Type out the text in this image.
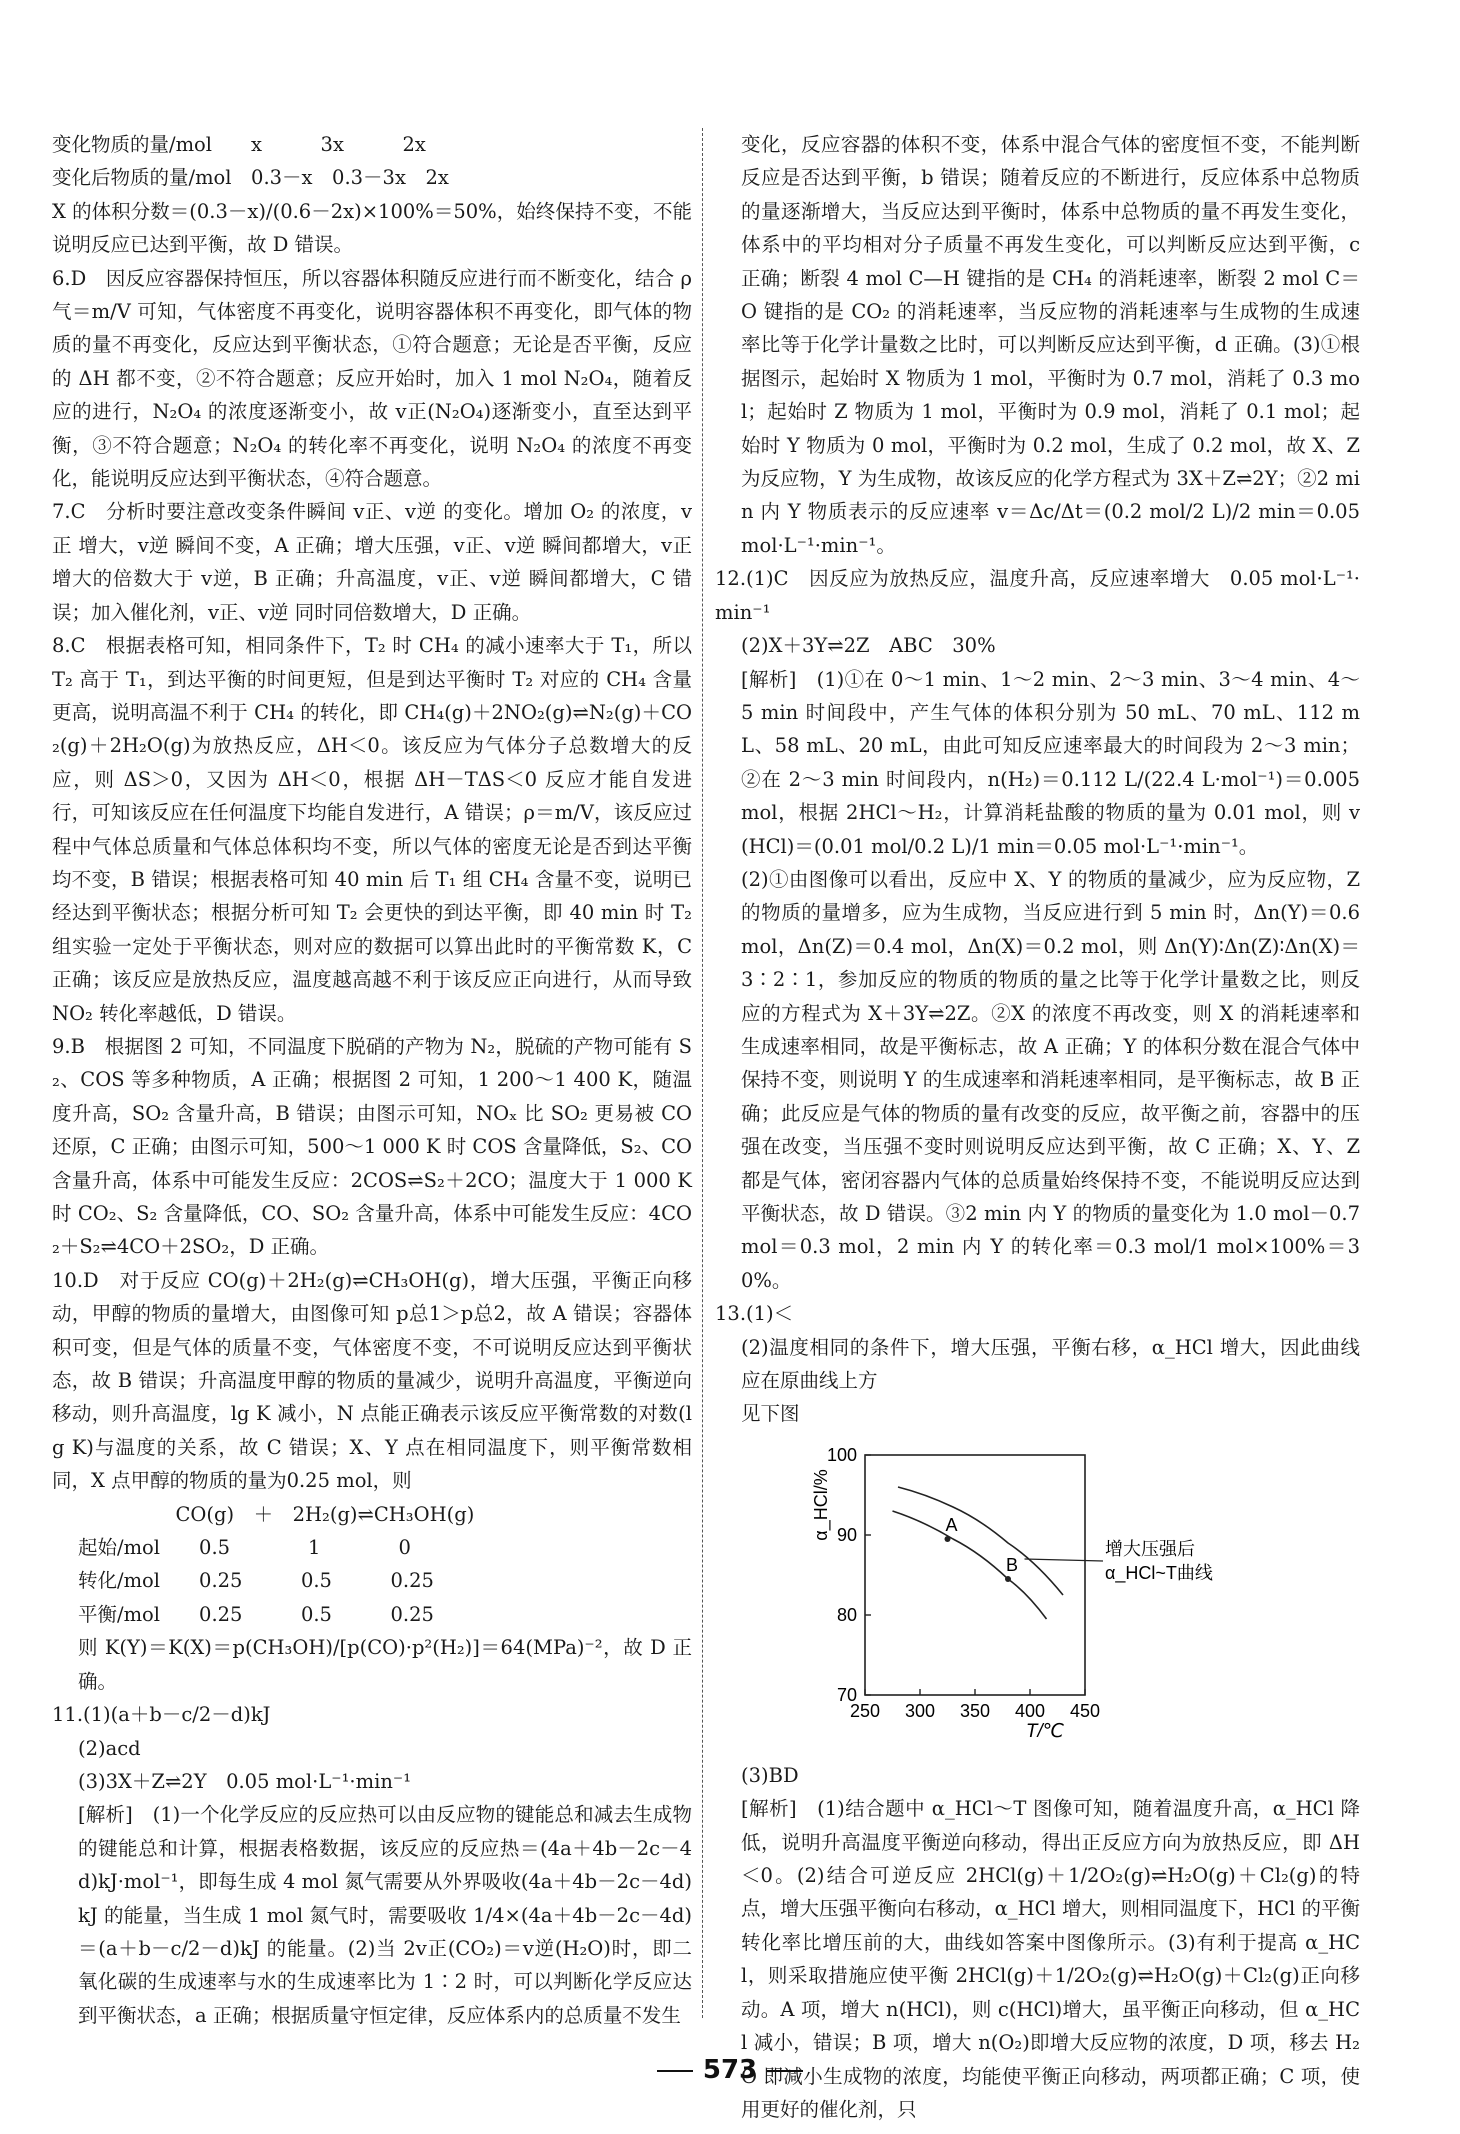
变化物质的量/mol　　x　　　3x　　　2x

变化后物质的量/mol　0.3－x　0.3－3x　2x

X 的体积分数＝(0.3－x)/(0.6－2x)×100%＝50%，始终保持不变，不能说明反应已达到平衡，故 D 错误。

6.D　因反应容器保持恒压，所以容器体积随反应进行而不断变化，结合 ρ气＝m/V 可知，气体密度不再变化，说明容器体积不再变化，即气体的物质的量不再变化，反应达到平衡状态，①符合题意；无论是否平衡，反应的 ΔH 都不变，②不符合题意；反应开始时，加入 1 mol N₂O₄，随着反应的进行，N₂O₄ 的浓度逐渐变小，故 v正(N₂O₄)逐渐变小，直至达到平衡，③不符合题意；N₂O₄ 的转化率不再变化，说明 N₂O₄ 的浓度不再变化，能说明反应达到平衡状态，④符合题意。

7.C　分析时要注意改变条件瞬间 v正、v逆 的变化。增加 O₂ 的浓度，v正 增大，v逆 瞬间不变，A 正确；增大压强，v正、v逆 瞬间都增大，v正 增大的倍数大于 v逆，B 正确；升高温度，v正、v逆 瞬间都增大，C 错误；加入催化剂，v正、v逆 同时同倍数增大，D 正确。

8.C　根据表格可知，相同条件下，T₂ 时 CH₄ 的减小速率大于 T₁，所以 T₂ 高于 T₁，到达平衡的时间更短，但是到达平衡时 T₂ 对应的 CH₄ 含量更高，说明高温不利于 CH₄ 的转化，即 CH₄(g)＋2NO₂(g)⇌N₂(g)＋CO₂(g)＋2H₂O(g)为放热反应，ΔH＜0。该反应为气体分子总数增大的反应，则 ΔS＞0，又因为 ΔH＜0，根据 ΔH－TΔS＜0 反应才能自发进行，可知该反应在任何温度下均能自发进行，A 错误；ρ＝m/V，该反应过程中气体总质量和气体总体积均不变，所以气体的密度无论是否到达平衡均不变，B 错误；根据表格可知 40 min 后 T₁ 组 CH₄ 含量不变，说明已经达到平衡状态；根据分析可知 T₂ 会更快的到达平衡，即 40 min 时 T₂ 组实验一定处于平衡状态，则对应的数据可以算出此时的平衡常数 K，C 正确；该反应是放热反应，温度越高越不利于该反应正向进行，从而导致 NO₂ 转化率越低，D 错误。

9.B　根据图 2 可知，不同温度下脱硝的产物为 N₂，脱硫的产物可能有 S₂、COS 等多种物质，A 正确；根据图 2 可知，1 200～1 400 K，随温度升高，SO₂ 含量升高，B 错误；由图示可知，NOₓ 比 SO₂ 更易被 CO 还原，C 正确；由图示可知，500～1 000 K 时 COS 含量降低，S₂、CO 含量升高，体系中可能发生反应：2COS⇌S₂＋2CO；温度大于 1 000 K 时 CO₂、S₂ 含量降低，CO、SO₂ 含量升高，体系中可能发生反应：4CO₂＋S₂⇌4CO＋2SO₂，D 正确。

10.D　对于反应 CO(g)＋2H₂(g)⇌CH₃OH(g)，增大压强，平衡正向移动，甲醇的物质的量增大，由图像可知 p总1＞p总2，故 A 错误；容器体积可变，但是气体的质量不变，气体密度不变，不可说明反应达到平衡状态，故 B 错误；升高温度甲醇的物质的量减少，说明升高温度，平衡逆向移动，则升高温度，lg K 减小，N 点能正确表示该反应平衡常数的对数(lg K)与温度的关系，故 C 错误；X、Y 点在相同温度下，则平衡常数相同，X 点甲醇的物质的量为0.25 mol，则

　　　　　CO(g)　＋　2H₂(g)⇌CH₃OH(g)

起始/mol　　0.5　　　　1　　　　0

转化/mol　　0.25　　　0.5　　　0.25

平衡/mol　　0.25　　　0.5　　　0.25

则 K(Y)＝K(X)＝p(CH₃OH)/[p(CO)·p²(H₂)]＝64(MPa)⁻²，故 D 正确。

11.(1)(a＋b－c/2－d)kJ

(2)acd

(3)3X＋Z⇌2Y　0.05 mol·L⁻¹·min⁻¹

[解析]　(1)一个化学反应的反应热可以由反应物的键能总和减去生成物的键能总和计算，根据表格数据，该反应的反应热＝(4a＋4b－2c－4d)kJ·mol⁻¹，即每生成 4 mol 氮气需要从外界吸收(4a＋4b－2c－4d)kJ 的能量，当生成 1 mol 氮气时，需要吸收 1/4×(4a＋4b－2c－4d)＝(a＋b－c/2－d)kJ 的能量。(2)当 2v正(CO₂)＝v逆(H₂O)时，即二氧化碳的生成速率与水的生成速率比为 1∶2 时，可以判断化学反应达到平衡状态，a 正确；根据质量守恒定律，反应体系内的总质量不发生

变化，反应容器的体积不变，体系中混合气体的密度恒不变，不能判断反应是否达到平衡，b 错误；随着反应的不断进行，反应体系中总物质的量逐渐增大，当反应达到平衡时，体系中总物质的量不再发生变化，体系中的平均相对分子质量不再发生变化，可以判断反应达到平衡，c 正确；断裂 4 mol C—H 键指的是 CH₄ 的消耗速率，断裂 2 mol C＝O 键指的是 CO₂ 的消耗速率，当反应物的消耗速率与生成物的生成速率比等于化学计量数之比时，可以判断反应达到平衡，d 正确。(3)①根据图示，起始时 X 物质为 1 mol，平衡时为 0.7 mol，消耗了 0.3 mol；起始时 Z 物质为 1 mol，平衡时为 0.9 mol，消耗了 0.1 mol；起始时 Y 物质为 0 mol，平衡时为 0.2 mol，生成了 0.2 mol，故 X、Z 为反应物，Y 为生成物，故该反应的化学方程式为 3X＋Z⇌2Y；②2 min 内 Y 物质表示的反应速率 v＝Δc/Δt＝(0.2 mol/2 L)/2 min＝0.05 mol·L⁻¹·min⁻¹。

12.(1)C　因反应为放热反应，温度升高，反应速率增大　0.05 mol·L⁻¹·min⁻¹

(2)X＋3Y⇌2Z　ABC　30%

[解析]　(1)①在 0～1 min、1～2 min、2～3 min、3～4 min、4～5 min 时间段中，产生气体的体积分别为 50 mL、70 mL、112 mL、58 mL、20 mL，由此可知反应速率最大的时间段为 2～3 min；②在 2～3 min 时间段内，n(H₂)＝0.112 L/(22.4 L·mol⁻¹)＝0.005 mol，根据 2HCl～H₂，计算消耗盐酸的物质的量为 0.01 mol，则 v(HCl)＝(0.01 mol/0.2 L)/1 min＝0.05 mol·L⁻¹·min⁻¹。

(2)①由图像可以看出，反应中 X、Y 的物质的量减少，应为反应物，Z 的物质的量增多，应为生成物，当反应进行到 5 min 时，Δn(Y)＝0.6 mol，Δn(Z)＝0.4 mol，Δn(X)＝0.2 mol，则 Δn(Y)∶Δn(Z)∶Δn(X)＝3∶2∶1，参加反应的物质的物质的量之比等于化学计量数之比，则反应的方程式为 X＋3Y⇌2Z。②X 的浓度不再改变，则 X 的消耗速率和生成速率相同，故是平衡标志，故 A 正确；Y 的体积分数在混合气体中保持不变，则说明 Y 的生成速率和消耗速率相同，是平衡标志，故 B 正确；此反应是气体的物质的量有改变的反应，故平衡之前，容器中的压强在改变，当压强不变时则说明反应达到平衡，故 C 正确；X、Y、Z 都是气体，密闭容器内气体的总质量始终保持不变，不能说明反应达到平衡状态，故 D 错误。③2 min 内 Y 的物质的量变化为 1.0 mol－0.7 mol＝0.3 mol，2 min 内 Y 的转化率＝0.3 mol/1 mol×100%＝30%。

13.(1)＜

(2)温度相同的条件下，增大压强，平衡右移，α_HCl 增大，因此曲线应在原曲线上方

见下图

α_HCl/%
T/℃
增大压强后
α_HCl~T曲线
250 300 350 400 450
70
80
90
100
A
B

(3)BD

[解析]　(1)结合题中 α_HCl～T 图像可知，随着温度升高，α_HCl 降低，说明升高温度平衡逆向移动，得出正反应方向为放热反应，即 ΔH＜0。(2)结合可逆反应 2HCl(g)＋1/2O₂(g)⇌H₂O(g)＋Cl₂(g)的特点，增大压强平衡向右移动，α_HCl 增大，则相同温度下，HCl 的平衡转化率比增压前的大，曲线如答案中图像所示。(3)有利于提高 α_HCl，则采取措施应使平衡 2HCl(g)＋1/2O₂(g)⇌H₂O(g)＋Cl₂(g)正向移动。A 项，增大 n(HCl)，则 c(HCl)增大，虽平衡正向移动，但 α_HCl 减小，错误；B 项，增大 n(O₂)即增大反应物的浓度，D 项，移去 H₂O 即减小生成物的浓度，均能使平衡正向移动，两项都正确；C 项，使用更好的催化剂，只

573
